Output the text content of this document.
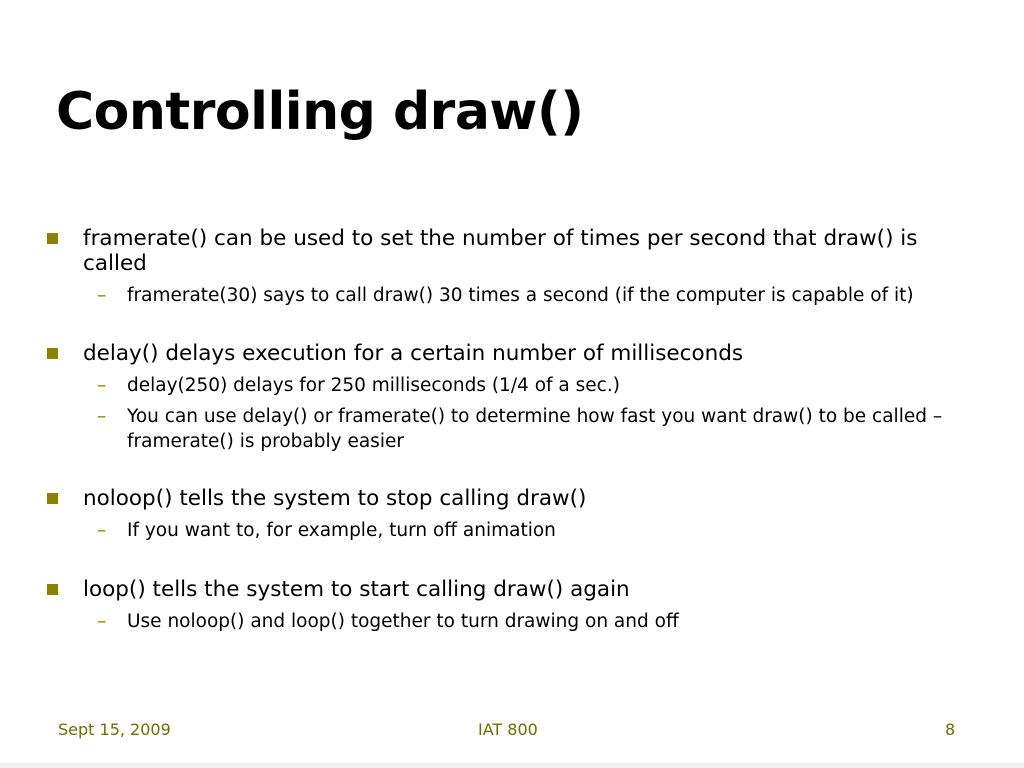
Controlling draw()
framerate() can be used to set the number of times per second that draw() is called
– framerate(30) says to call draw() 30 times a second (if the computer is capable of it)
delay() delays execution for a certain number of milliseconds
– delay(250) delays for 250 milliseconds (1/4 of a sec.)
– You can use delay() or framerate() to determine how fast you want draw() to be called – framerate() is probably easier
noloop() tells the system to stop calling draw()
– If you want to, for example, turn off animation
loop() tells the system to start calling draw() again
– Use noloop() and loop() together to turn drawing on and off
Sept 15, 2009	IAT 800	8
